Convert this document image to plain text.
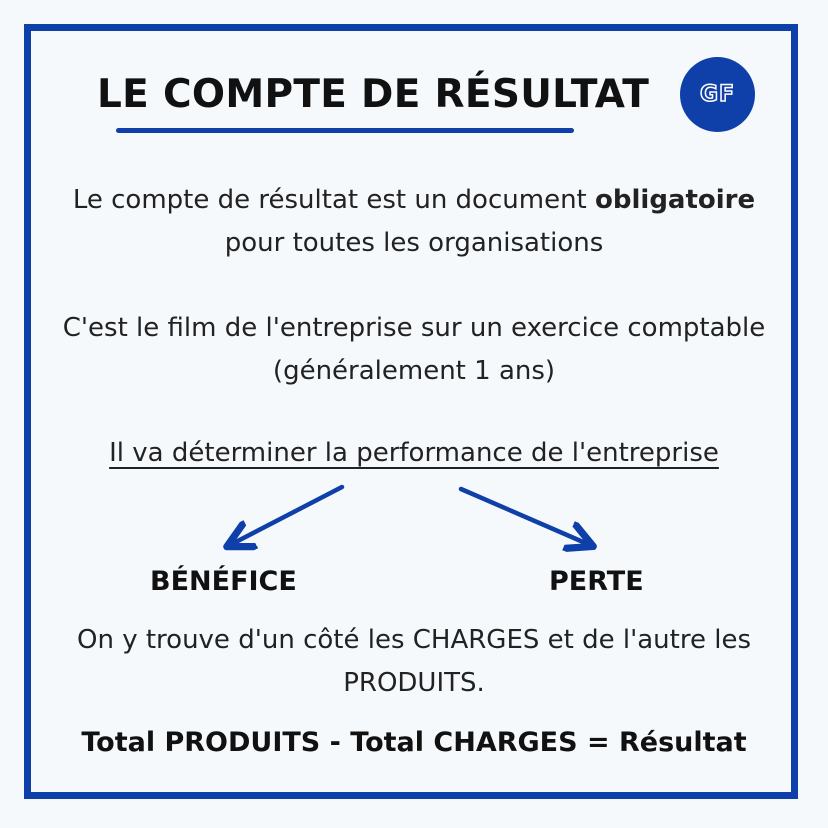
LE COMPTE DE RÉSULTAT GF
Le compte de résultat est un document obligatoire
pour toutes les organisations
C'est le film de l'entreprise sur un exercice comptable
(généralement 1 ans)
Il va déterminer la performance de l'entreprise
BÉNÉFICE	PERTE
On y trouve d'un côté les CHARGES et de l'autre les
PRODUITS.
Total PRODUITS - Total CHARGES = Résultat
